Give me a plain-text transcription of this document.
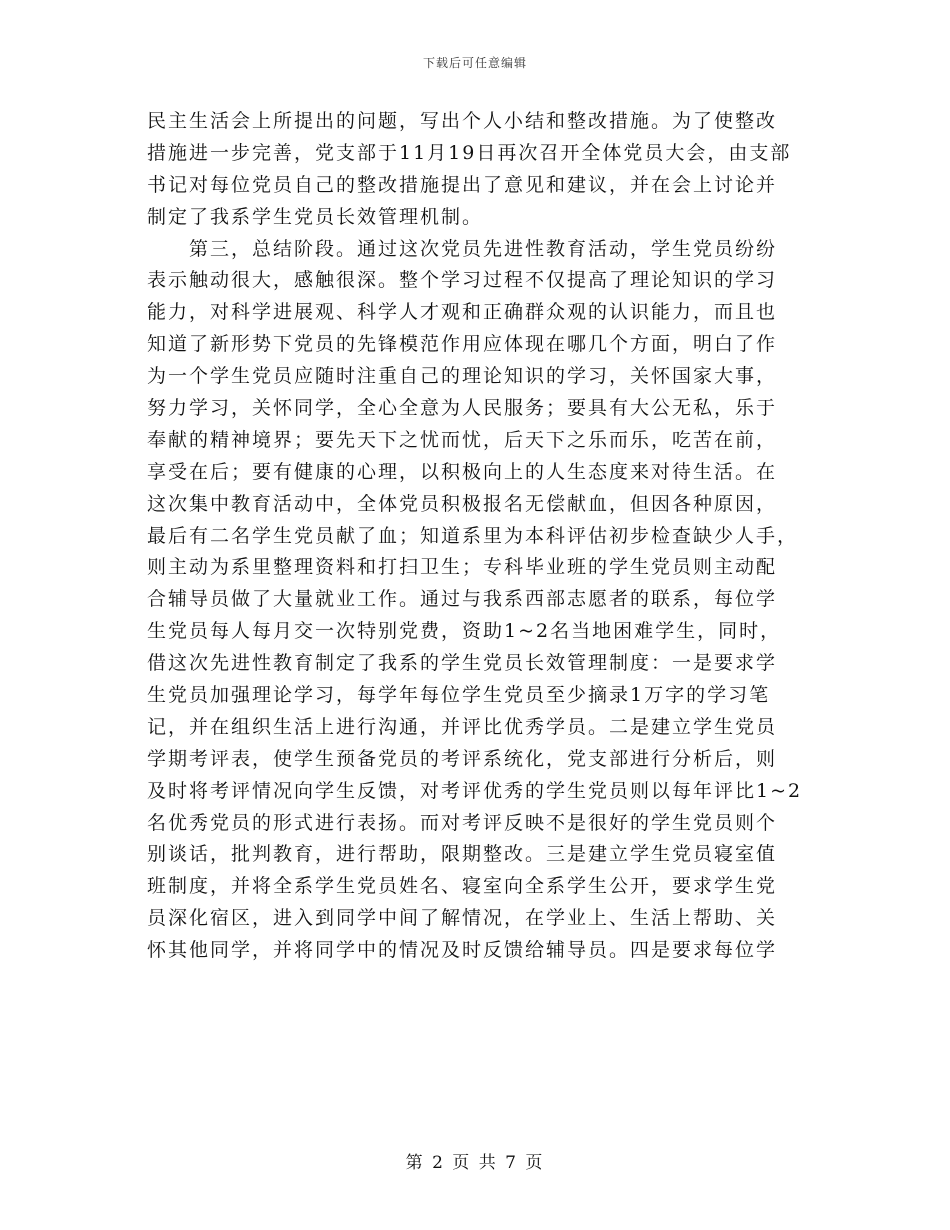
下载后可任意编辑
民主生活会上所提出的问题，写出个人小结和整改措施。为了使整改
措施进一步完善，党支部于11月19日再次召开全体党员大会，由支部
书记对每位党员自己的整改措施提出了意见和建议，并在会上讨论并
制定了我系学生党员长效管理机制。
第三，总结阶段。通过这次党员先进性教育活动，学生党员纷纷
表示触动很大，感触很深。整个学习过程不仅提高了理论知识的学习
能力，对科学进展观、科学人才观和正确群众观的认识能力，而且也
知道了新形势下党员的先锋模范作用应体现在哪几个方面，明白了作
为一个学生党员应随时注重自己的理论知识的学习，关怀国家大事，
努力学习，关怀同学，全心全意为人民服务；要具有大公无私，乐于
奉献的精神境界；要先天下之忧而忧，后天下之乐而乐，吃苦在前，
享受在后；要有健康的心理，以积极向上的人生态度来对待生活。在
这次集中教育活动中，全体党员积极报名无偿献血，但因各种原因，
最后有二名学生党员献了血；知道系里为本科评估初步检查缺少人手，
则主动为系里整理资料和打扫卫生；专科毕业班的学生党员则主动配
合辅导员做了大量就业工作。通过与我系西部志愿者的联系，每位学
生党员每人每月交一次特别党费，资助1~2名当地困难学生，同时，
借这次先进性教育制定了我系的学生党员长效管理制度：一是要求学
生党员加强理论学习，每学年每位学生党员至少摘录1万字的学习笔
记，并在组织生活上进行沟通，并评比优秀学员。二是建立学生党员
学期考评表，使学生预备党员的考评系统化，党支部进行分析后，则
及时将考评情况向学生反馈，对考评优秀的学生党员则以每年评比1~2
名优秀党员的形式进行表扬。而对考评反映不是很好的学生党员则个
别谈话，批判教育，进行帮助，限期整改。三是建立学生党员寝室值
班制度，并将全系学生党员姓名、寝室向全系学生公开，要求学生党
员深化宿区，进入到同学中间了解情况，在学业上、生活上帮助、关
怀其他同学，并将同学中的情况及时反馈给辅导员。四是要求每位学
第 2 页 共 7 页
